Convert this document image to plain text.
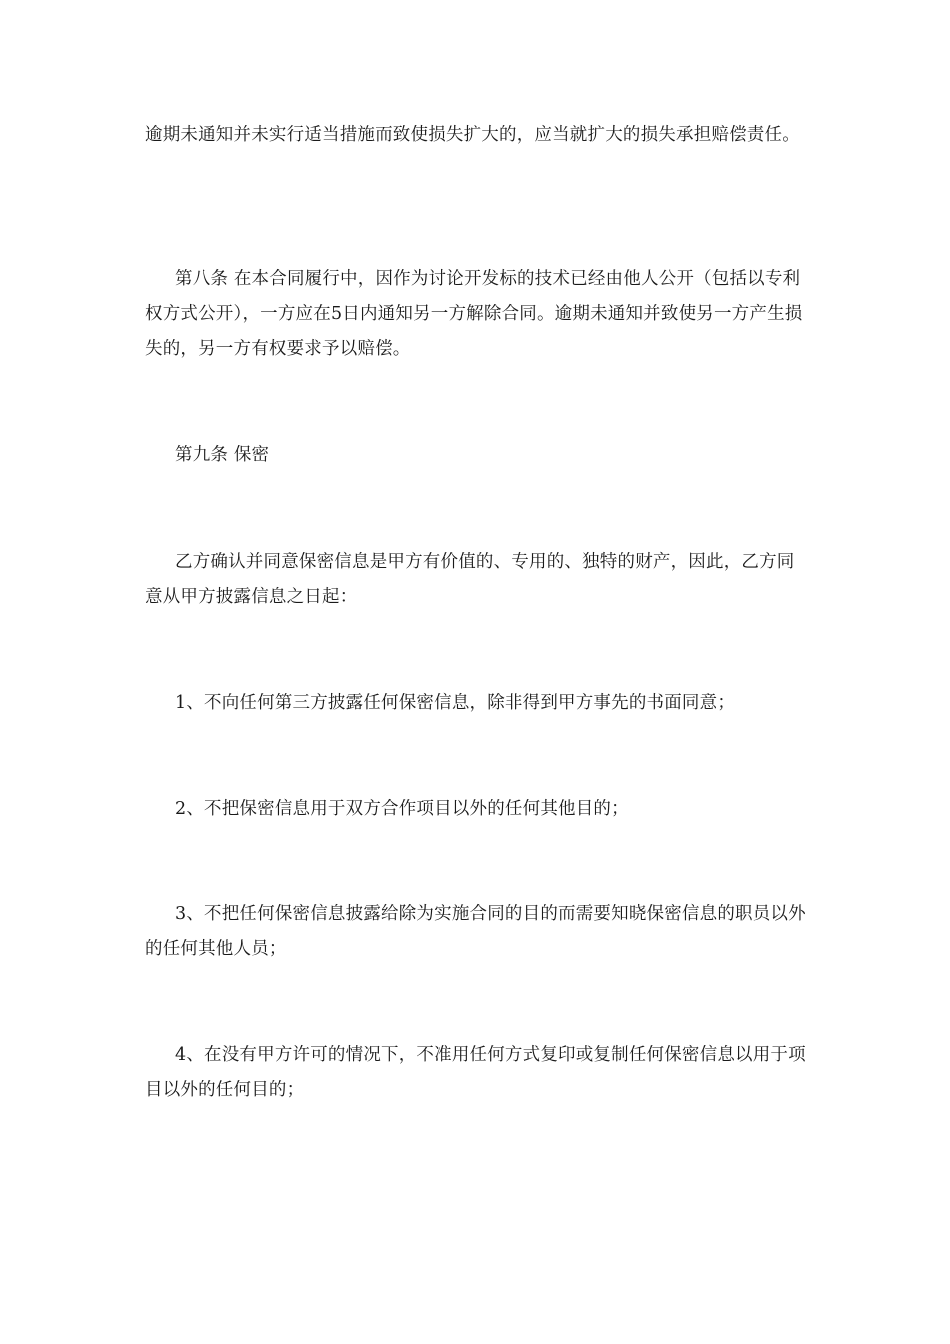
逾期未通知并未实行适当措施而致使损失扩大的，应当就扩大的损失承担赔偿责任。

第八条 在本合同履行中，因作为讨论开发标的技术已经由他人公开（包括以专利权方式公开），一方应在5日内通知另一方解除合同。逾期未通知并致使另一方产生损失的，另一方有权要求予以赔偿。

第九条 保密

乙方确认并同意保密信息是甲方有价值的、专用的、独特的财产，因此，乙方同意从甲方披露信息之日起：

1、不向任何第三方披露任何保密信息，除非得到甲方事先的书面同意；

2、不把保密信息用于双方合作项目以外的任何其他目的；

3、不把任何保密信息披露给除为实施合同的目的而需要知晓保密信息的职员以外的任何其他人员；

4、在没有甲方许可的情况下，不准用任何方式复印或复制任何保密信息以用于项目以外的任何目的；
